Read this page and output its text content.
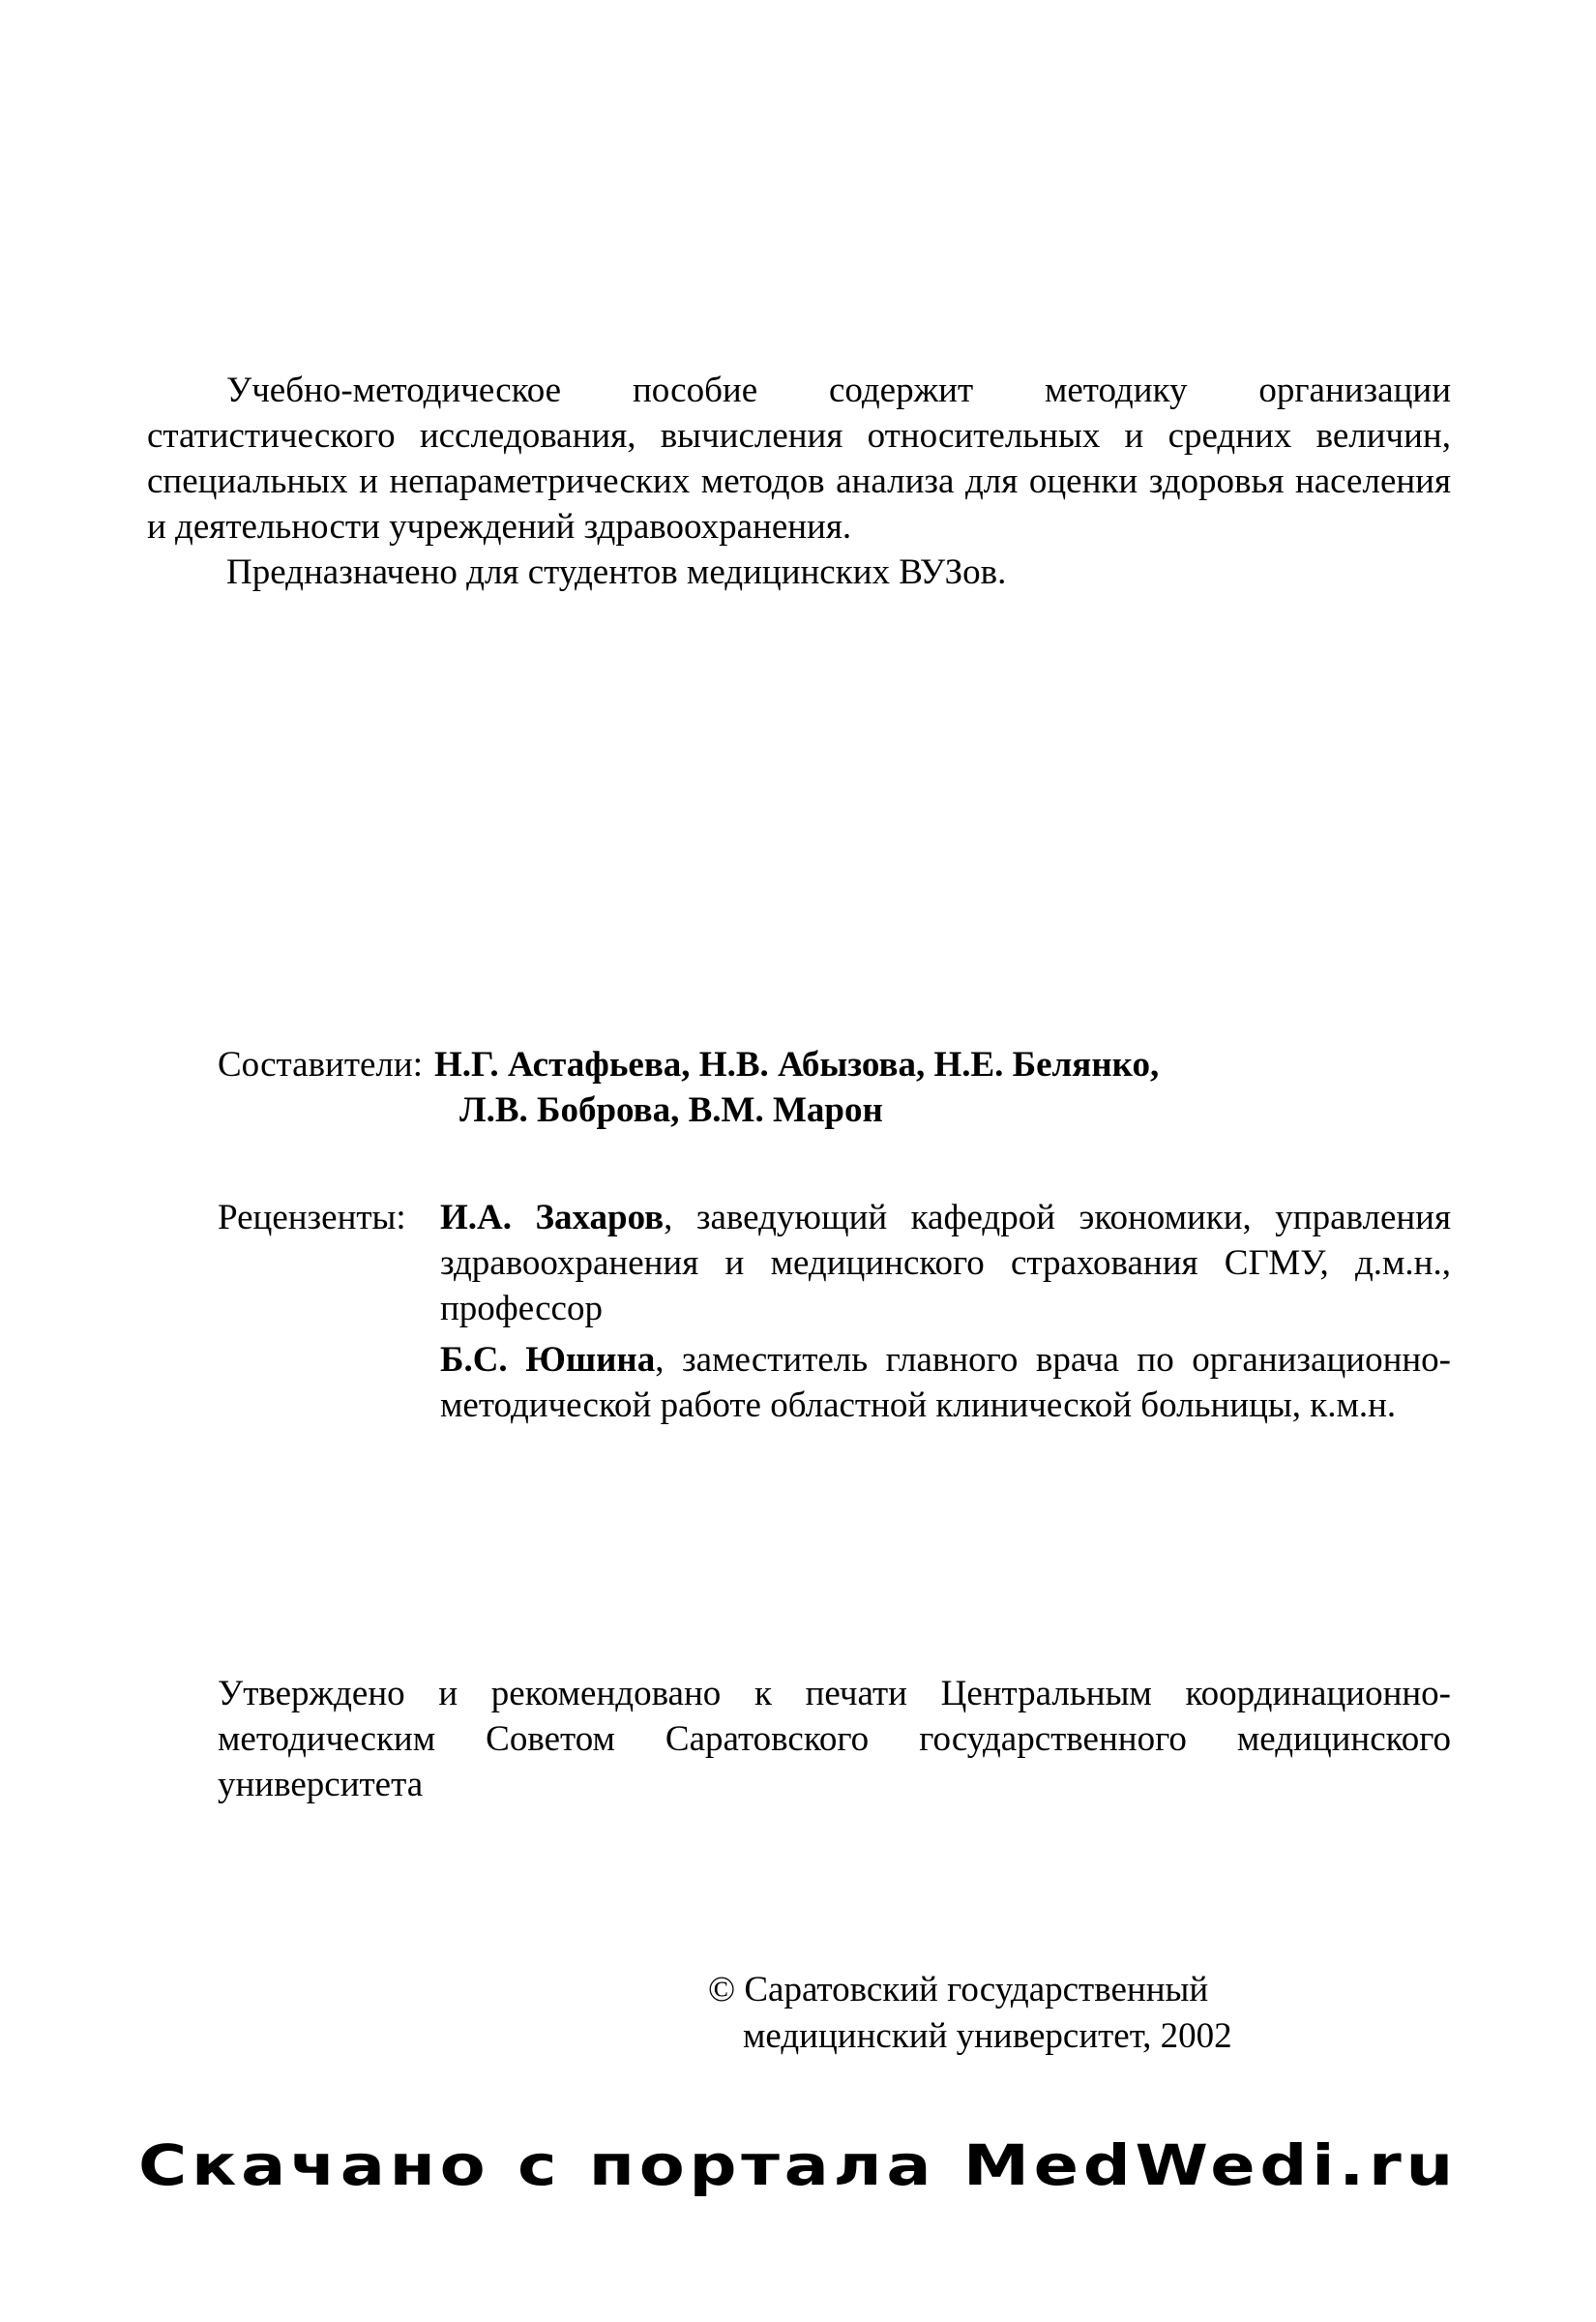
Учебно-методическое пособие содержит методику организации статистического исследования, вычисления относительных и средних величин, специальных и непараметрических методов анализа для оценки здоровья населения и деятельности учреждений здравоохранения.

Предназначено для студентов медицинских ВУЗов.

Составители: Н.Г. Астафьева, Н.В. Абызова, Н.Е. Белянко,
Л.В. Боброва, В.М. Марон
Рецензенты: И.А. Захаров, заведующий кафедрой экономики, управления здравоохранения и медицинского страхования СГМУ, д.м.н., профессор

Б.С. Юшина, заместитель главного врача по организационно-методической работе областной клинической больницы, к.м.н.

Утверждено и рекомендовано к печати Центральным координационно-методическим Советом Саратовского государственного медицинского университета

© Саратовский государственный
медицинский университет, 2002
Скачано с портала MedWedi.ru
